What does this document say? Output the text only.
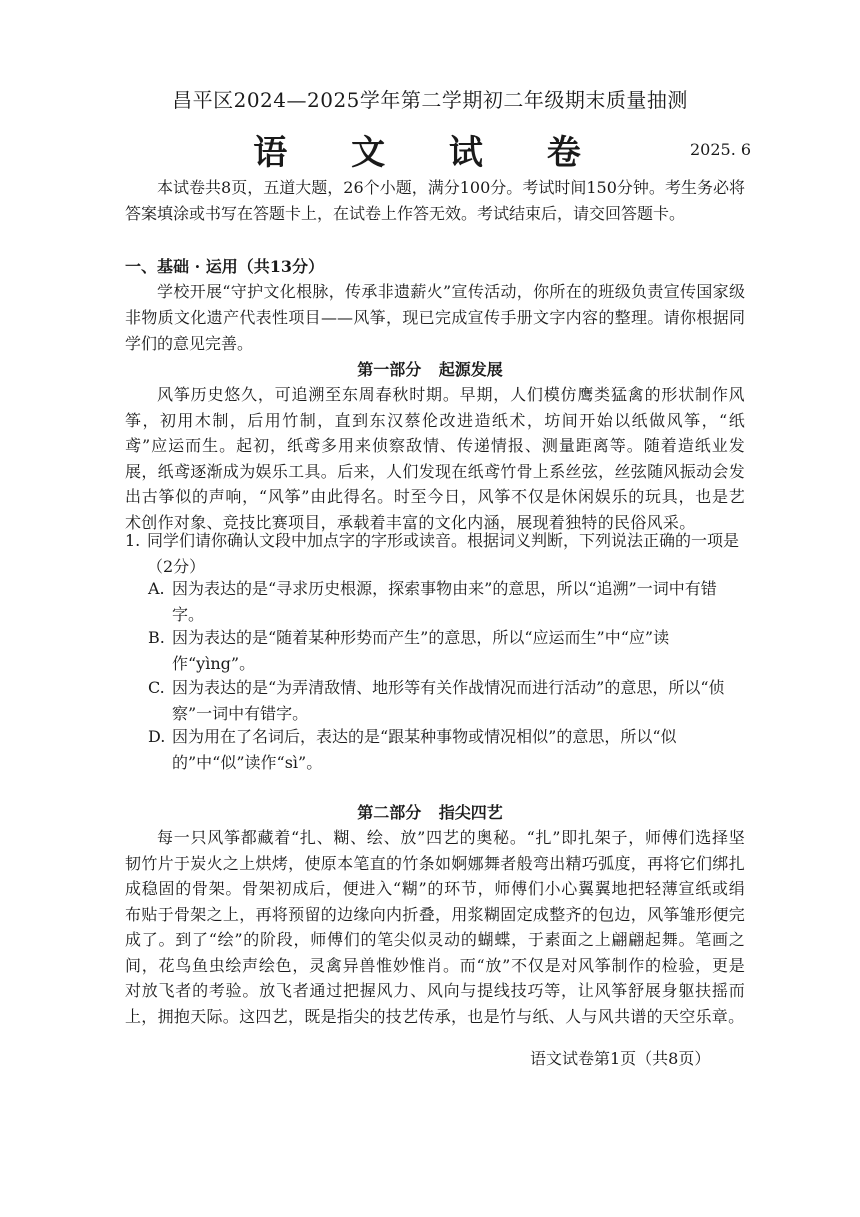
昌平区2024—2025学年第二学期初二年级期末质量抽测
语 文 试 卷	2025. 6

本试卷共8页，五道大题，26个小题，满分100分。考试时间150分钟。考生务必将答案填涂或书写在答题卡上，在试卷上作答无效。考试结束后，请交回答题卡。

一、基础 · 运用（共13分）

学校开展“守护文化根脉，传承非遗薪火”宣传活动，你所在的班级负责宣传国家级非物质文化遗产代表性项目——风筝，现已完成宣传手册文字内容的整理。请你根据同学们的意见完善。

第一部分 起源发展

风筝历史悠久，可追溯至东周春秋时期。早期，人们模仿鹰类猛禽的形状制作风筝，初用木制，后用竹制，直到东汉蔡伦改进造纸术，坊间开始以纸做风筝，“纸鸢”应运而生。起初，纸鸢多用来侦察敌情、传递情报、测量距离等。随着造纸业发展，纸鸢逐渐成为娱乐工具。后来，人们发现在纸鸢竹骨上系丝弦，丝弦随风振动会发出古筝似的声响，“风筝”由此得名。时至今日，风筝不仅是休闲娱乐的玩具，也是艺术创作对象、竞技比赛项目，承载着丰富的文化内涵，展现着独特的民俗风采。

1. 同学们请你确认文段中加点字的字形或读音。根据词义判断，下列说法正确的一项是（2分）
A. 因为表达的是“寻求历史根源，探索事物由来”的意思，所以“追溯”一词中有错字。
B. 因为表达的是“随着某种形势而产生”的意思，所以“应运而生”中“应”读作“yìng”。
C. 因为表达的是“为弄清敌情、地形等有关作战情况而进行活动”的意思，所以“侦察”一词中有错字。
D. 因为用在了名词后，表达的是“跟某种事物或情况相似”的意思，所以“似的”中“似”读作“sì”。
第二部分 指尖四艺

每一只风筝都藏着“扎、糊、绘、放”四艺的奥秘。“扎”即扎架子，师傅们选择坚韧竹片于炭火之上烘烤，使原本笔直的竹条如婀娜舞者般弯出精巧弧度，再将它们绑扎成稳固的骨架。骨架初成后，便进入“糊”的环节，师傅们小心翼翼地把轻薄宣纸或绢布贴于骨架之上，再将预留的边缘向内折叠，用浆糊固定成整齐的包边，风筝雏形便完成了。到了“绘”的阶段，师傅们的笔尖似灵动的蝴蝶，于素面之上翩翩起舞。笔画之间，花鸟鱼虫绘声绘色，灵禽异兽惟妙惟肖。而“放”不仅是对风筝制作的检验，更是对放飞者的考验。放飞者通过把握风力、风向与提线技巧等，让风筝舒展身躯扶摇而上，拥抱天际。这四艺，既是指尖的技艺传承，也是竹与纸、人与风共谱的天空乐章。

语文试卷第1页（共8页）
